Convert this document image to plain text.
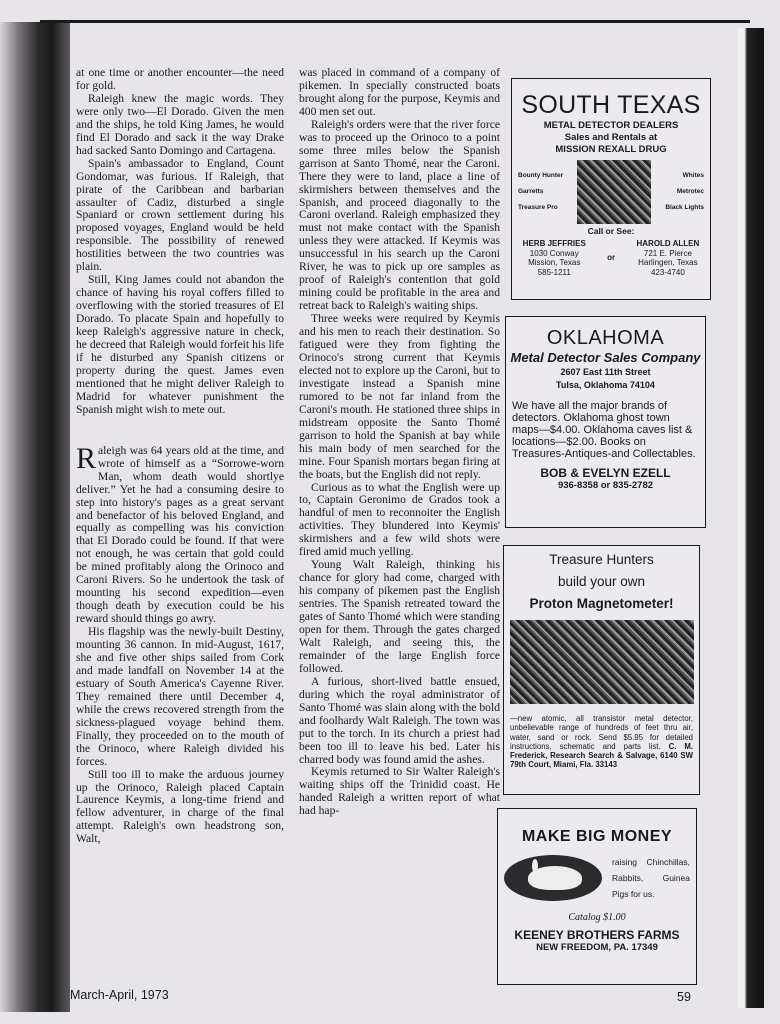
at one time or another encounter—the need for gold.

Raleigh knew the magic words. They were only two—El Dorado. Given the men and the ships, he told King James, he would find El Dorado and sack it the way Drake had sacked Santo Domingo and Cartagena.

Spain's ambassador to England, Count Gondomar, was furious. If Raleigh, that pirate of the Caribbean and barbarian assaulter of Cadiz, disturbed a single Spaniard or crown settlement during his proposed voyages, England would be held responsible. The possibility of renewed hostilities between the two countries was plain.

Still, King James could not abandon the chance of having his royal coffers filled to overflowing with the storied treasures of El Dorado. To placate Spain and hopefully to keep Raleigh's aggressive nature in check, he decreed that Raleigh would forfeit his life if he disturbed any Spanish citizens or property during the quest. James even mentioned that he might deliver Raleigh to Madrid for whatever punishment the Spanish might wish to mete out.

Raleigh was 64 years old at the time, and wrote of himself as a “Sorrowe-worn Man, whom death would shortlye deliver.” Yet he had a consuming desire to step into history's pages as a great servant and benefactor of his beloved England, and equally as compelling was his conviction that El Dorado could be found. If that were not enough, he was certain that gold could be mined profitably along the Orinoco and Caroni Rivers. So he undertook the task of mounting his second expedition—even though death by execution could be his reward should things go awry.

His flagship was the newly-built Destiny, mounting 36 cannon. In mid-August, 1617, she and five other ships sailed from Cork and made landfall on November 14 at the estuary of South America's Cayenne River. They remained there until December 4, while the crews recovered strength from the sickness-plagued voyage behind them. Finally, they proceeded on to the mouth of the Orinoco, where Raleigh divided his forces.

Still too ill to make the arduous journey up the Orinoco, Raleigh placed Captain Laurence Keymis, a long-time friend and fellow adventurer, in charge of the final attempt. Raleigh's own headstrong son, Walt,

was placed in command of a company of pikemen. In specially constructed boats brought along for the purpose, Keymis and 400 men set out.

Raleigh's orders were that the river force was to proceed up the Orinoco to a point some three miles below the Spanish garrison at Santo Thomé, near the Caroni. There they were to land, place a line of skirmishers between themselves and the Spanish, and proceed diagonally to the Caroni overland. Raleigh emphasized they must not make contact with the Spanish unless they were attacked. If Keymis was unsuccessful in his search up the Caroni River, he was to pick up ore samples as proof of Raleigh's contention that gold mining could be profitable in the area and retreat back to Raleigh's waiting ships.

Three weeks were required by Keymis and his men to reach their destination. So fatigued were they from fighting the Orinoco's strong current that Keymis elected not to explore up the Caroni, but to investigate instead a Spanish mine rumored to be not far inland from the Caroni's mouth. He stationed three ships in midstream opposite the Santo Thomé garrison to hold the Spanish at bay while his main body of men searched for the mine. Four Spanish mortars began firing at the boats, but the English did not reply.

Curious as to what the English were up to, Captain Geronimo de Grados took a handful of men to reconnoiter the English activities. They blundered into Keymis' skirmishers and a few wild shots were fired amid much yelling.

Young Walt Raleigh, thinking his chance for glory had come, charged with his company of pikemen past the English sentries. The Spanish retreated toward the gates of Santo Thomé which were standing open for them. Through the gates charged Walt Raleigh, and seeing this, the remainder of the large English force followed.

A furious, short-lived battle ensued, during which the royal administrator of Santo Thomé was slain along with the bold and foolhardy Walt Raleigh. The town was put to the torch. In its church a priest had been too ill to leave his bed. Later his charred body was found amid the ashes.

Keymis returned to Sir Walter Raleigh's waiting ships off the Trinidid coast. He handed Raleigh a written report of what had hap-

SOUTH TEXAS
METAL DETECTOR DEALERS
Sales and Rentals at
MISSION REXALL DRUG
Bounty Hunter
Garretts
Treasure Pro
Whites
Metrotec
Black Lights
Call or See:
HERB JEFFRIES
1030 Conway
Mission, Texas
585-1211
or
HAROLD ALLEN
721 E. Pierce
Harlingen, Texas
423-4740
OKLAHOMA
Metal Detector Sales Company
2607 East 11th Street
Tulsa, Oklahoma 74104
We have all the major brands of detectors. Oklahoma ghost town maps—$4.00. Oklahoma caves list & locations—$2.00. Books on Treasures-Antiques-and Collectables.
BOB & EVELYN EZELL
936-8358 or 835-2782
Treasure Hunters
build your own
Proton Magnetometer!
—new atomic, all transistor metal detector, unbelievable range of hundreds of feet thru air, water, sand or rock. Send $5.95 for detailed instructions, schematic and parts list. C. M. Frederick, Research Search & Salvage, 6140 SW 79th Court, Miami, Fla. 33143
MAKE BIG MONEY
raising Chinchillas, Rabbits, Guinea Pigs for us.
Catalog $1.00
KEENEY BROTHERS FARMS
NEW FREEDOM, PA. 17349
March-April, 1973	59
